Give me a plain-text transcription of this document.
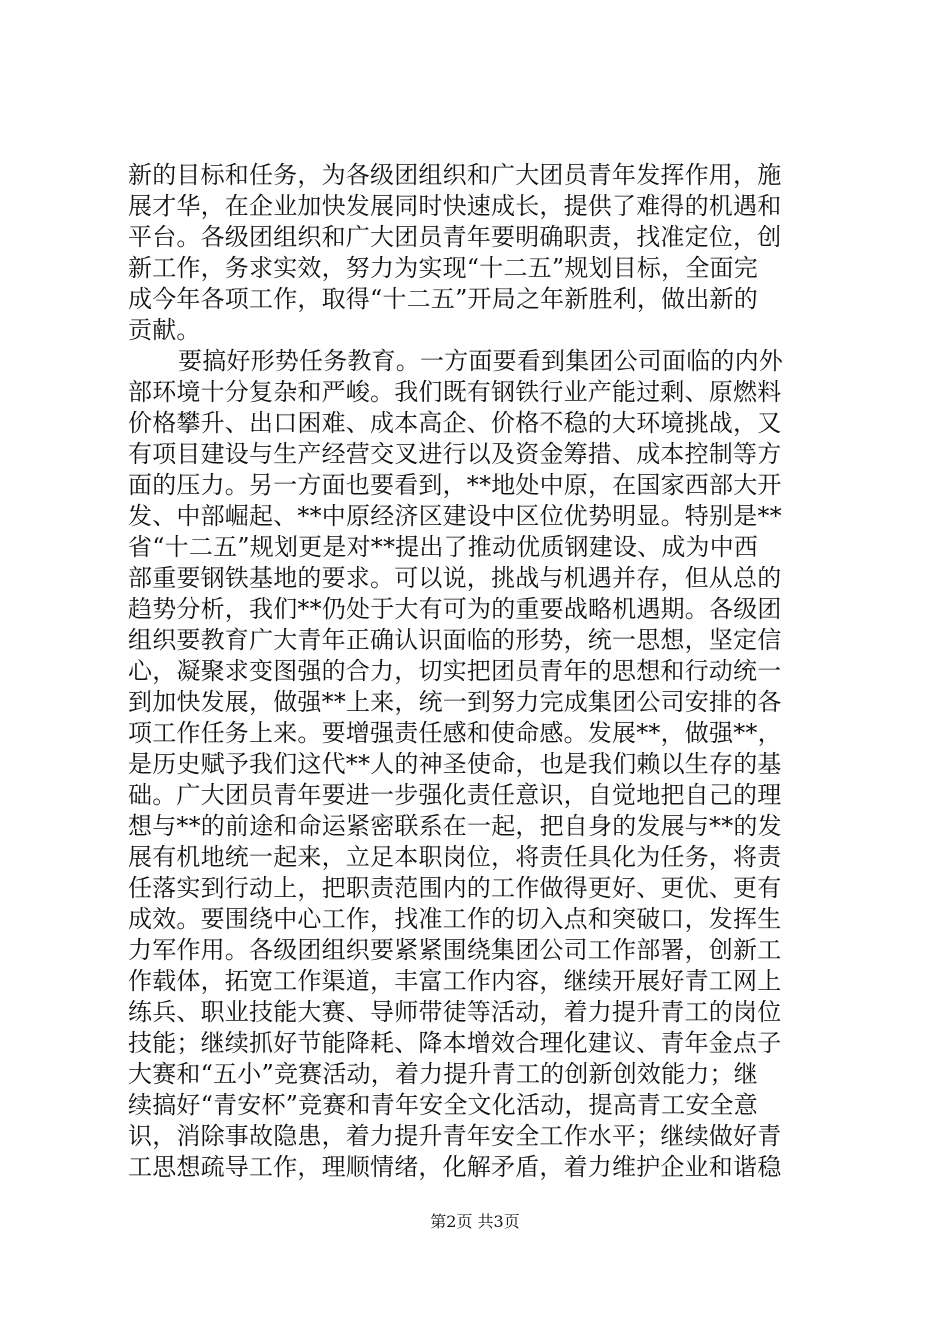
新的目标和任务，为各级团组织和广大团员青年发挥作用，施
展才华，在企业加快发展同时快速成长，提供了难得的机遇和
平台。各级团组织和广大团员青年要明确职责，找准定位，创
新工作，务求实效，努力为实现“十二五”规划目标，全面完
成今年各项工作，取得“十二五”开局之年新胜利，做出新的
贡献。
要搞好形势任务教育。一方面要看到集团公司面临的内外
部环境十分复杂和严峻。我们既有钢铁行业产能过剩、原燃料
价格攀升、出口困难、成本高企、价格不稳的大环境挑战，又
有项目建设与生产经营交叉进行以及资金筹措、成本控制等方
面的压力。另一方面也要看到，**地处中原，在国家西部大开
发、中部崛起、**中原经济区建设中区位优势明显。特别是**
省“十二五”规划更是对**提出了推动优质钢建设、成为中西
部重要钢铁基地的要求。可以说，挑战与机遇并存，但从总的
趋势分析，我们**仍处于大有可为的重要战略机遇期。各级团
组织要教育广大青年正确认识面临的形势，统一思想，坚定信
心，凝聚求变图强的合力，切实把团员青年的思想和行动统一
到加快发展，做强**上来，统一到努力完成集团公司安排的各
项工作任务上来。要增强责任感和使命感。发展**，做强**，
是历史赋予我们这代**人的神圣使命，也是我们赖以生存的基
础。广大团员青年要进一步强化责任意识，自觉地把自己的理
想与**的前途和命运紧密联系在一起，把自身的发展与**的发
展有机地统一起来，立足本职岗位，将责任具化为任务，将责
任落实到行动上，把职责范围内的工作做得更好、更优、更有
成效。要围绕中心工作，找准工作的切入点和突破口，发挥生
力军作用。各级团组织要紧紧围绕集团公司工作部署，创新工
作载体，拓宽工作渠道，丰富工作内容，继续开展好青工网上
练兵、职业技能大赛、导师带徒等活动，着力提升青工的岗位
技能；继续抓好节能降耗、降本增效合理化建议、青年金点子
大赛和“五小”竞赛活动，着力提升青工的创新创效能力；继
续搞好“青安杯”竞赛和青年安全文化活动，提高青工安全意
识，消除事故隐患，着力提升青年安全工作水平；继续做好青
工思想疏导工作，理顺情绪，化解矛盾，着力维护企业和谐稳
第2页 共3页
